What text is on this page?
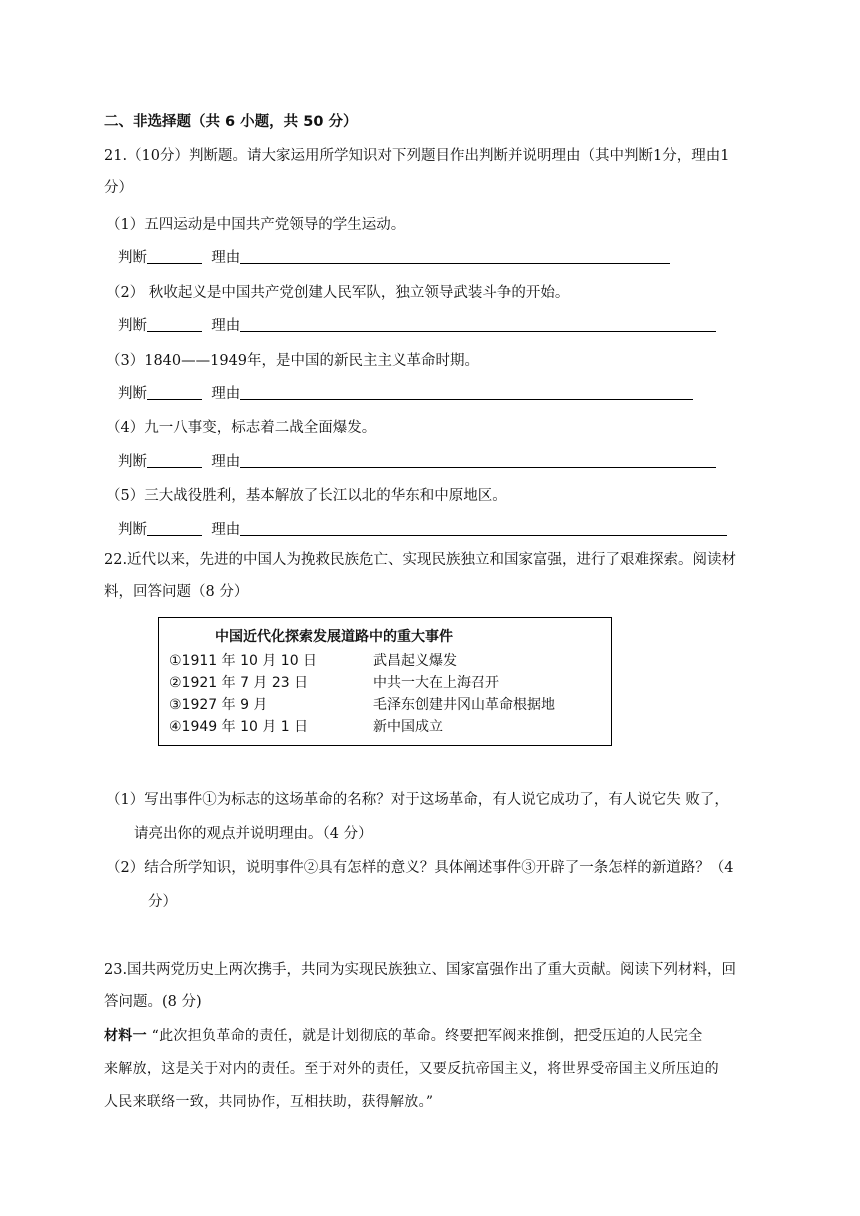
二、非选择题（共 6 小题，共 50 分）
21.（10分）判断题。请大家运用所学知识对下列题目作出判断并说明理由（其中判断1分，理由1
分）
（1）五四运动是中国共产党领导的学生运动。
判断	理由
（2） 秋收起义是中国共产党创建人民军队，独立领导武装斗争的开始。
判断	理由
（3）1840——1949年，是中国的新民主主义革命时期。
判断	理由
（4）九一八事变，标志着二战全面爆发。
判断	理由
（5）三大战役胜利，基本解放了长江以北的华东和中原地区。
判断	理由
22.近代以来，先进的中国人为挽救民族危亡、实现民族独立和国家富强，进行了艰难探索。阅读材
料，回答问题（8 分）
中国近代化探索发展道路中的重大事件
①1911 年 10 月 10 日	武昌起义爆发
②1921 年 7 月 23 日	中共一大在上海召开
③1927 年 9 月	毛泽东创建井冈山革命根据地
④1949 年 10 月 1 日	新中国成立
（1）写出事件①为标志的这场革命的名称？对于这场革命，有人说它成功了，有人说它失 败了，
请亮出你的观点并说明理由。（4 分）
（2）结合所学知识，说明事件②具有怎样的意义？具体阐述事件③开辟了一条怎样的新道路？（4
分）
23.国共两党历史上两次携手，共同为实现民族独立、国家富强作出了重大贡献。阅读下列材料，回
答问题。(8 分)
材料一 “此次担负革命的责任，就是计划彻底的革命。终要把军阀来推倒，把受压迫的人民完全
来解放，这是关于对内的责任。至于对外的责任，又要反抗帝国主义，将世界受帝国主义所压迫的
人民来联络一致，共同协作，互相扶助，获得解放。”
